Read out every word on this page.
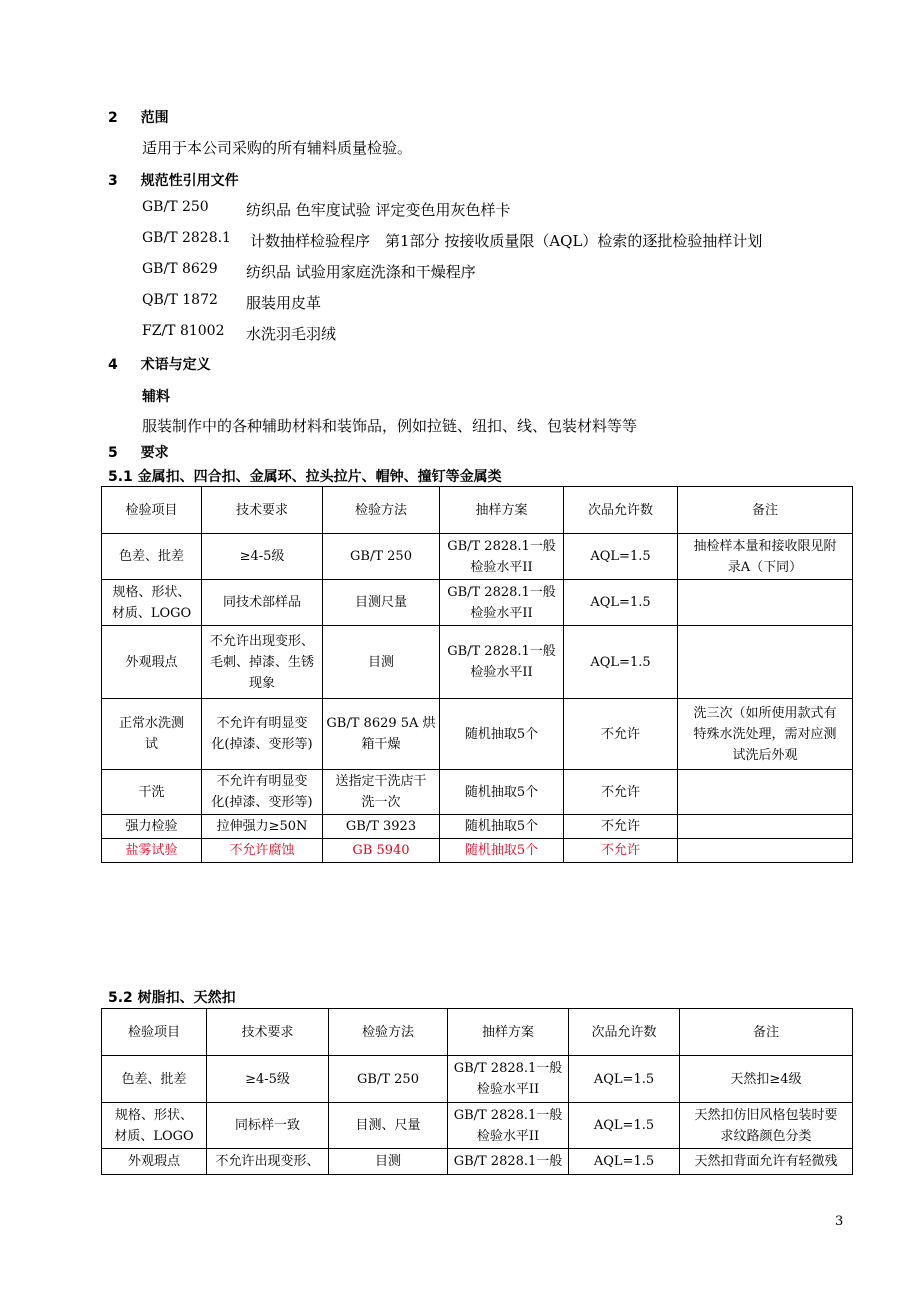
2 范围
适用于本公司采购的所有辅料质量检验。
3 规范性引用文件
GB/T 250 纺织品 色牢度试验 评定变色用灰色样卡
GB/T 2828.1 计数抽样检验程序　第1部分 按接收质量限（AQL）检索的逐批检验抽样计划
GB/T 8629 纺织品 试验用家庭洗涤和干燥程序
QB/T 1872 服装用皮革
FZ/T 81002 水洗羽毛羽绒
4 术语与定义
辅料
服装制作中的各种辅助材料和装饰品，例如拉链、纽扣、线、包装材料等等
5 要求
5.1 金属扣、四合扣、金属环、拉头拉片、帽钟、撞钉等金属类
检验项目	技术要求	检验方法	抽样方案	次品允许数	备注
色差、批差	≥4-5级	GB/T 250	GB/T 2828.1一般
检验水平II	AQL=1.5	抽检样本量和接收限见附
录A（下同）
规格、形状、
材质、LOGO	同技术部样品	目测尺量	GB/T 2828.1一般
检验水平II	AQL=1.5	
外观瑕点	不允许出现变形、
毛刺、掉漆、生锈
现象	目测	GB/T 2828.1一般
检验水平II	AQL=1.5	
正常水洗测
试	不允许有明显变
化(掉漆、变形等)	GB/T 8629 5A 烘
箱干燥	随机抽取5个	不允许	洗三次（如所使用款式有
特殊水洗处理，需对应测
试洗后外观
干洗	不允许有明显变
化(掉漆、变形等)	送指定干洗店干
洗一次	随机抽取5个	不允许	
强力检验	拉伸强力≥50N	GB/T 3923	随机抽取5个	不允许	
盐雾试验	不允许腐蚀	GB 5940	随机抽取5个	不允许	
5.2 树脂扣、天然扣
检验项目	技术要求	检验方法	抽样方案	次品允许数	备注
色差、批差	≥4-5级	GB/T 250	GB/T 2828.1一般
检验水平II	AQL=1.5	天然扣≥4级
规格、形状、
材质、LOGO	同标样一致	目测、尺量	GB/T 2828.1一般
检验水平II	AQL=1.5	天然扣仿旧风格包装时要
求纹路颜色分类
外观瑕点	不允许出现变形、	目测	GB/T 2828.1一般	AQL=1.5	天然扣背面允许有轻微残
3
